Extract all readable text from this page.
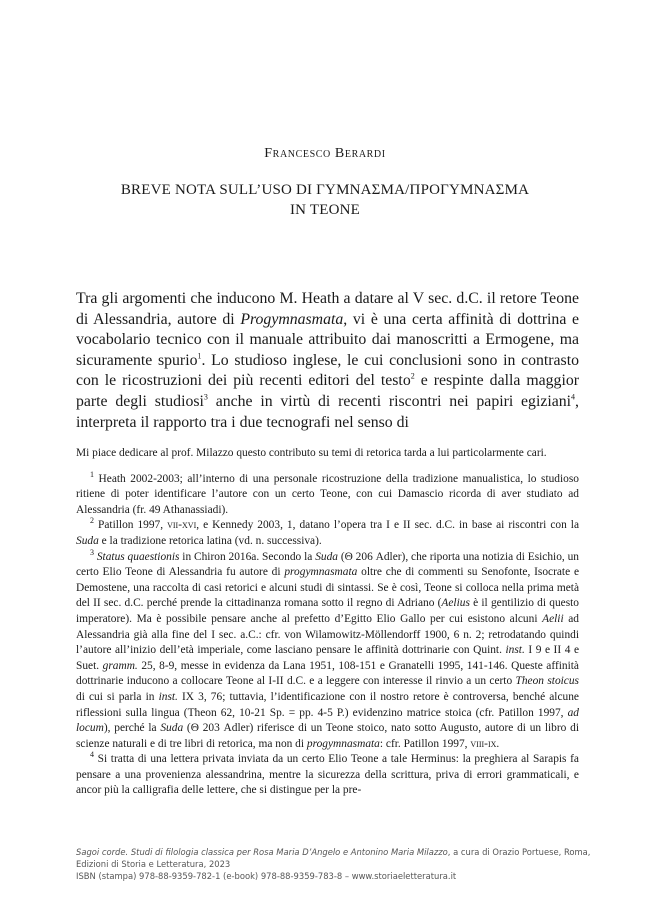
Francesco Berardi
BREVE NOTA SULL’USO DI ΓΥΜΝΑΣΜΑ/ΠΡΟΓΥΜΝΑΣΜΑ
IN TEONE

Tra gli argomenti che inducono M. Heath a datare al V sec. d.C. il retore Teone di Alessandria, autore di Progymnasmata, vi è una certa affinità di dottrina e vocabolario tecnico con il manuale attribuito dai manoscritti a Ermogene, ma sicuramente spurio$^1$. Lo studioso inglese, le cui conclusioni sono in contrasto con le ricostruzioni dei più recenti editori del testo$^2$ e respinte dalla maggior parte degli studiosi$^3$ anche in virtù di recenti riscontri nei papiri egiziani$^4$, interpreta il rapporto tra i due tecnografi nel senso di

Mi piace dedicare al prof. Milazzo questo contributo su temi di retorica tarda a lui particolarmente cari.

$^1$ Heath 2002-2003; all’interno di una personale ricostruzione della tradizione manualistica, lo studioso ritiene di poter identificare l’autore con un certo Teone, con cui Damascio ricorda di aver studiato ad Alessandria (fr. 49 Athanassiadi).

$^2$ Patillon 1997, vii-xvi, e Kennedy 2003, 1, datano l’opera tra I e II sec. d.C. in base ai riscontri con la Suda e la tradizione retorica latina (vd. n. successiva).

$^3$ Status quaestionis in Chiron 2016a. Secondo la Suda (Θ 206 Adler), che riporta una notizia di Esichio, un certo Elio Teone di Alessandria fu autore di progymnasmata oltre che di commenti su Senofonte, Isocrate e Demostene, una raccolta di casi retorici e alcuni studi di sintassi. Se è così, Teone si colloca nella prima metà del II sec. d.C. perché prende la cittadinanza romana sotto il regno di Adriano (Aelius è il gentilizio di questo imperatore). Ma è possibile pensare anche al prefetto d’Egitto Elio Gallo per cui esistono alcuni Aelii ad Alessandria già alla fine del I sec. a.C.: cfr. von Wilamowitz-Möllendorff 1900, 6 n. 2; retrodatando quindi l’autore all’inizio dell’età imperiale, come lasciano pensare le affinità dottrinarie con Quint. inst. I 9 e II 4 e Suet. gramm. 25, 8-9, messe in evidenza da Lana 1951, 108-151 e Granatelli 1995, 141-146. Queste affinità dottrinarie inducono a collocare Teone al I-II d.C. e a leggere con interesse il rinvio a un certo Theon stoicus di cui si parla in inst. IX 3, 76; tuttavia, l’identificazione con il nostro retore è controversa, benché alcune riflessioni sulla lingua (Theon 62, 10-21 Sp. = pp. 4-5 P.) evidenzino matrice stoica (cfr. Patillon 1997, ad locum), perché la Suda (Θ 203 Adler) riferisce di un Teone stoico, nato sotto Augusto, autore di un libro di scienze naturali e di tre libri di retorica, ma non di progymnasmata: cfr. Patillon 1997, viii-ix.

$^4$ Si tratta di una lettera privata inviata da un certo Elio Teone a tale Herminus: la preghiera al Sarapis fa pensare a una provenienza alessandrina, mentre la sicurezza della scrittura, priva di errori grammaticali, e ancor più la calligrafia delle lettere, che si distingue per la pre-

Sagoi corde. Studi di filologia classica per Rosa Maria D’Angelo e Antonino Maria Milazzo, a cura di Orazio Portuese, Roma,
Edizioni di Storia e Letteratura, 2023
ISBN (stampa) 978-88-9359-782-1 (e-book) 978-88-9359-783-8 – www.storiaeletteratura.it
